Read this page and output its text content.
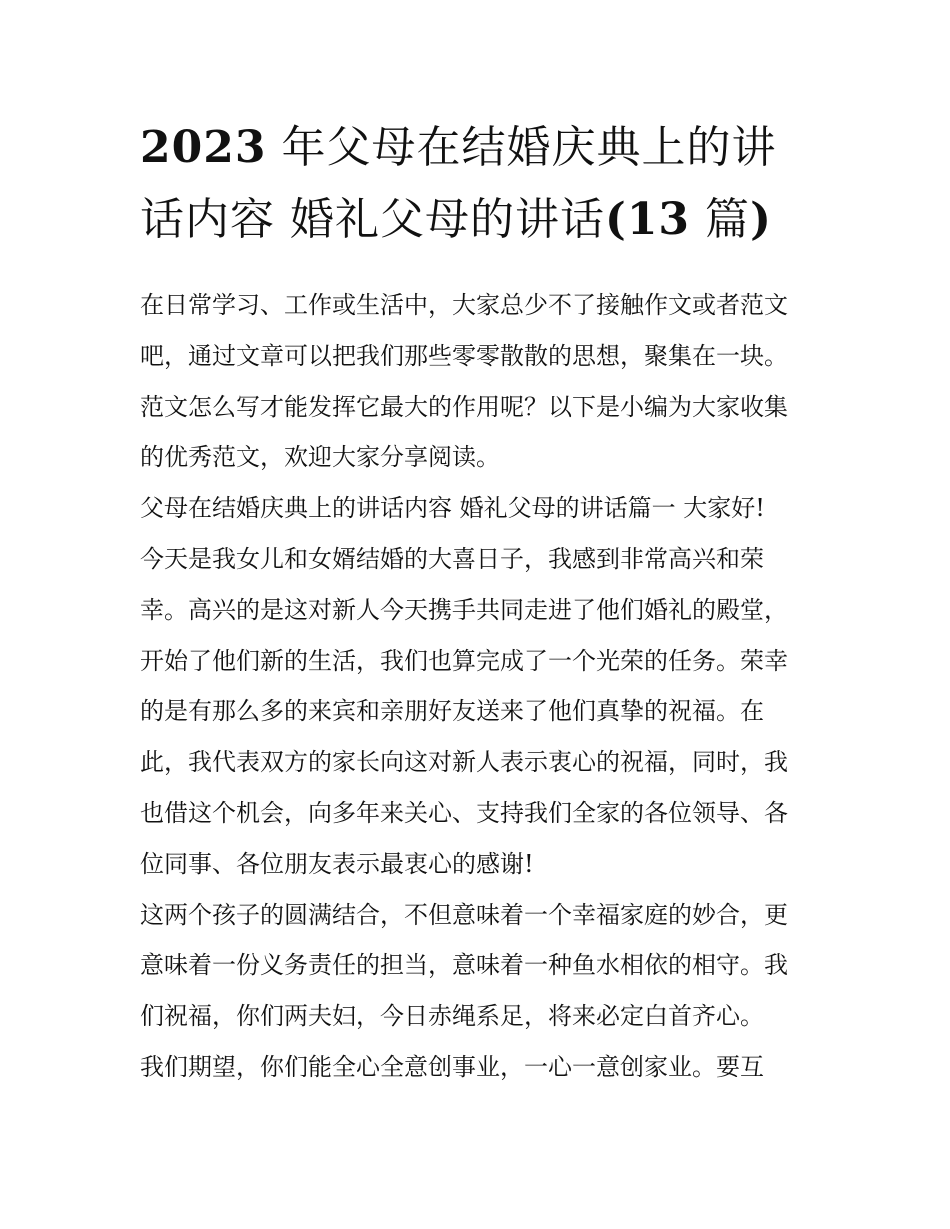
2023 年父母在结婚庆典上的讲
话内容 婚礼父母的讲话(13 篇)
在日常学习、工作或生活中，大家总少不了接触作文或者范文
吧，通过文章可以把我们那些零零散散的思想，聚集在一块。
范文怎么写才能发挥它最大的作用呢？以下是小编为大家收集
的优秀范文，欢迎大家分享阅读。
父母在结婚庆典上的讲话内容 婚礼父母的讲话篇一 大家好!
今天是我女儿和女婿结婚的大喜日子，我感到非常高兴和荣
幸。高兴的是这对新人今天携手共同走进了他们婚礼的殿堂，
开始了他们新的生活，我们也算完成了一个光荣的任务。荣幸
的是有那么多的来宾和亲朋好友送来了他们真挚的祝福。在
此，我代表双方的家长向这对新人表示衷心的祝福，同时，我
也借这个机会，向多年来关心、支持我们全家的各位领导、各
位同事、各位朋友表示最衷心的感谢!
这两个孩子的圆满结合，不但意味着一个幸福家庭的妙合，更
意味着一份义务责任的担当，意味着一种鱼水相依的相守。我
们祝福，你们两夫妇，今日赤绳系足，将来必定白首齐心。
我们期望，你们能全心全意创事业，一心一意创家业。要互
